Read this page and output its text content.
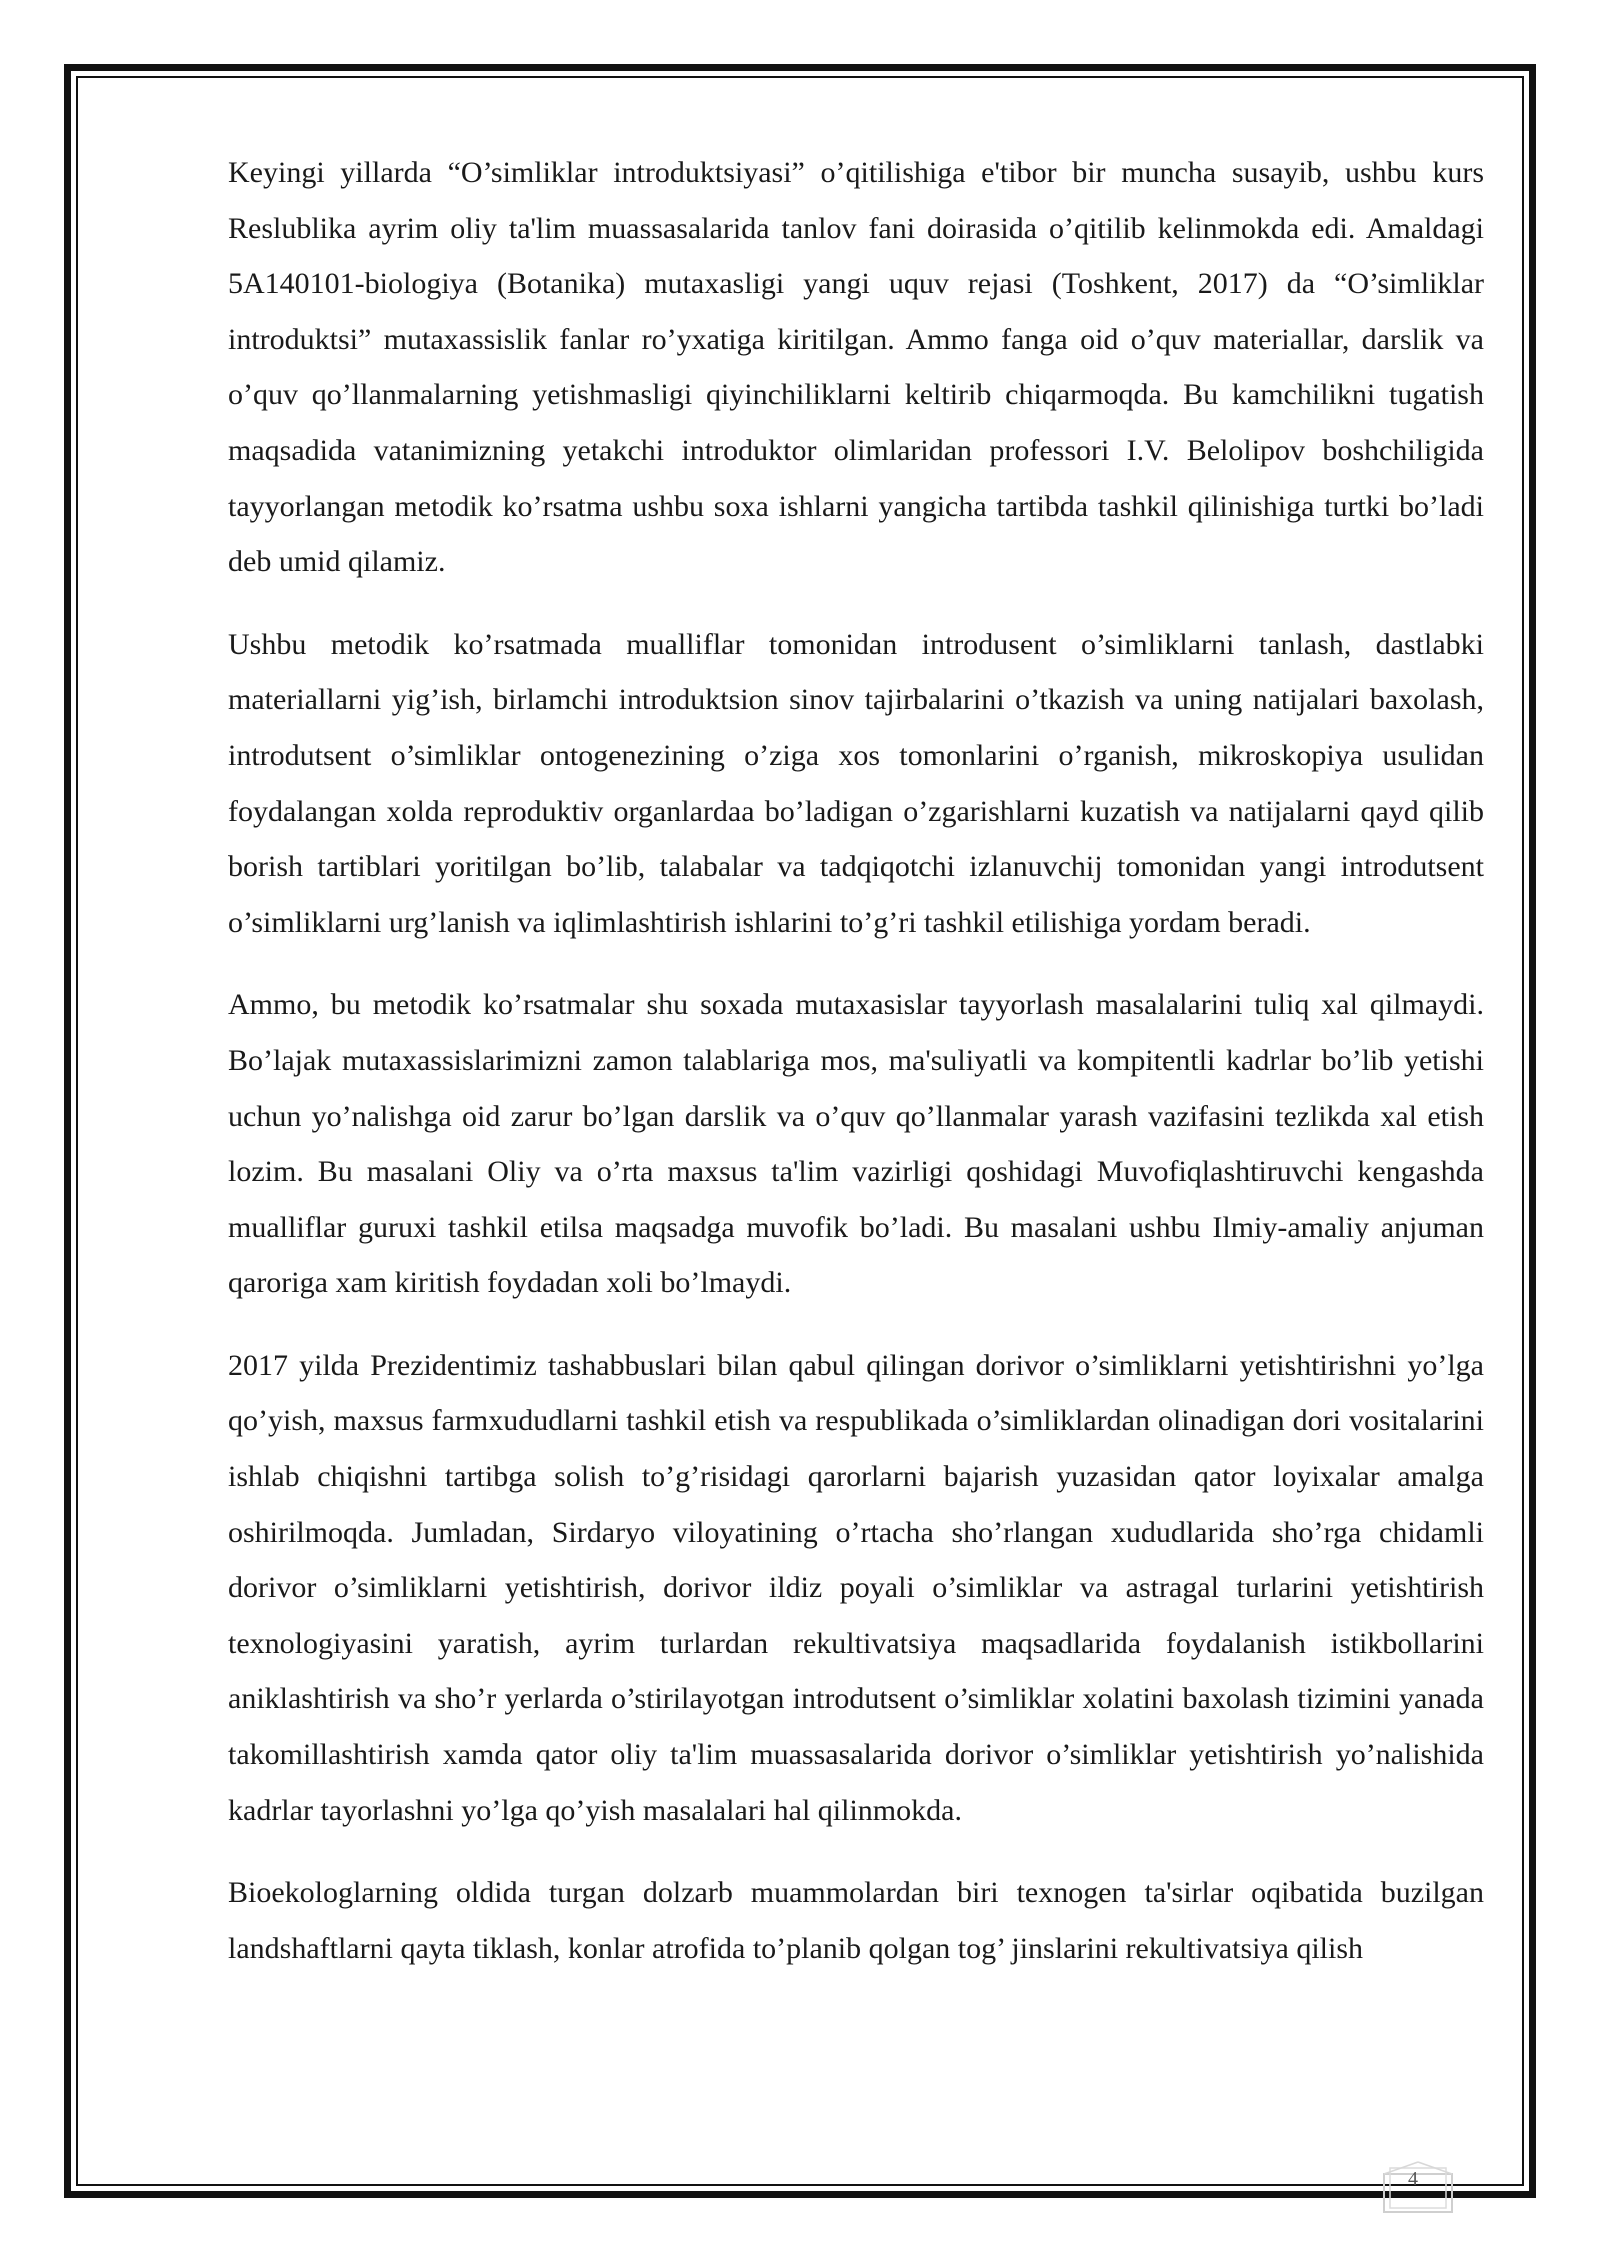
Keyingi yillarda “O’simliklar introduktsiyasi” o’qitilishiga e'tibor bir muncha susayib, ushbu kurs Reslublika ayrim oliy ta'lim muassasalarida tanlov fani doirasida o’qitilib kelinmokda edi. Amaldagi 5A140101-biologiya (Botanika) mutaxasligi yangi uquv rejasi (Toshkent, 2017) da “O’simliklar introduktsi” mutaxassislik fanlar ro’yxatiga kiritilgan. Ammo fanga oid o’quv materiallar, darslik va o’quv qo’llanmalarning yetishmasligi qiyinchiliklarni keltirib chiqarmoqda. Bu kamchilikni tugatish maqsadida vatanimizning yetakchi introduktor olimlaridan professori I.V. Belolipov boshchiligida tayyorlangan metodik ko’rsatma ushbu soxa ishlarni yangicha tartibda tashkil qilinishiga turtki bo’ladi deb umid qilamiz.

Ushbu metodik ko’rsatmada mualliflar tomonidan introdusent o’simliklarni tanlash, dastlabki materiallarni yig’ish, birlamchi introduktsion sinov tajirbalarini o’tkazish va uning natijalari baxolash, introdutsent o’simliklar ontogenezining o’ziga xos tomonlarini o’rganish, mikroskopiya usulidan foydalangan xolda reproduktiv organlardaa bo’ladigan o’zgarishlarni kuzatish va natijalarni qayd qilib borish tartiblari yoritilgan bo’lib, talabalar va tadqiqotchi izlanuvchij tomonidan yangi introdutsent o’simliklarni urg’lanish va iqlimlashtirish ishlarini to’g’ri tashkil etilishiga yordam beradi.

Ammo, bu metodik ko’rsatmalar shu soxada mutaxasislar tayyorlash masalalarini tuliq xal qilmaydi. Bo’lajak mutaxassislarimizni zamon talablariga mos, ma'suliyatli va kompitentli kadrlar bo’lib yetishi uchun yo’nalishga oid zarur bo’lgan darslik va o’quv qo’llanmalar yarash vazifasini tezlikda xal etish lozim. Bu masalani Oliy va o’rta maxsus ta'lim vazirligi qoshidagi Muvofiqlashtiruvchi kengashda mualliflar guruxi tashkil etilsa maqsadga muvofik bo’ladi. Bu masalani ushbu Ilmiy-amaliy anjuman qaroriga xam kiritish foydadan xoli bo’lmaydi.

2017 yilda Prezidentimiz tashabbuslari bilan qabul qilingan dorivor o’simliklarni yetishtirishni yo’lga qo’yish, maxsus farmxududlarni tashkil etish va respublikada o’simliklardan olinadigan dori vositalarini ishlab chiqishni tartibga solish to’g’risidagi qarorlarni bajarish yuzasidan qator loyixalar amalga oshirilmoqda. Jumladan, Sirdaryo viloyatining o’rtacha sho’rlangan xududlarida sho’rga chidamli dorivor o’simliklarni yetishtirish, dorivor ildiz poyali o’simliklar va astragal turlarini yetishtirish texnologiyasini yaratish, ayrim turlardan rekultivatsiya maqsadlarida foydalanish istikbollarini aniklashtirish va sho’r yerlarda o’stirilayotgan introdutsent o’simliklar xolatini baxolash tizimini yanada takomillashtirish xamda qator oliy ta'lim muassasalarida dorivor o’simliklar yetishtirish yo’nalishida kadrlar tayorlashni yo’lga qo’yish masalalari hal qilinmokda.

Bioekologlarning oldida turgan dolzarb muammolardan biri texnogen ta'sirlar oqibatida buzilgan landshaftlarni qayta tiklash, konlar atrofida to’planib qolgan tog’ jinslarini rekultivatsiya qilish

4
